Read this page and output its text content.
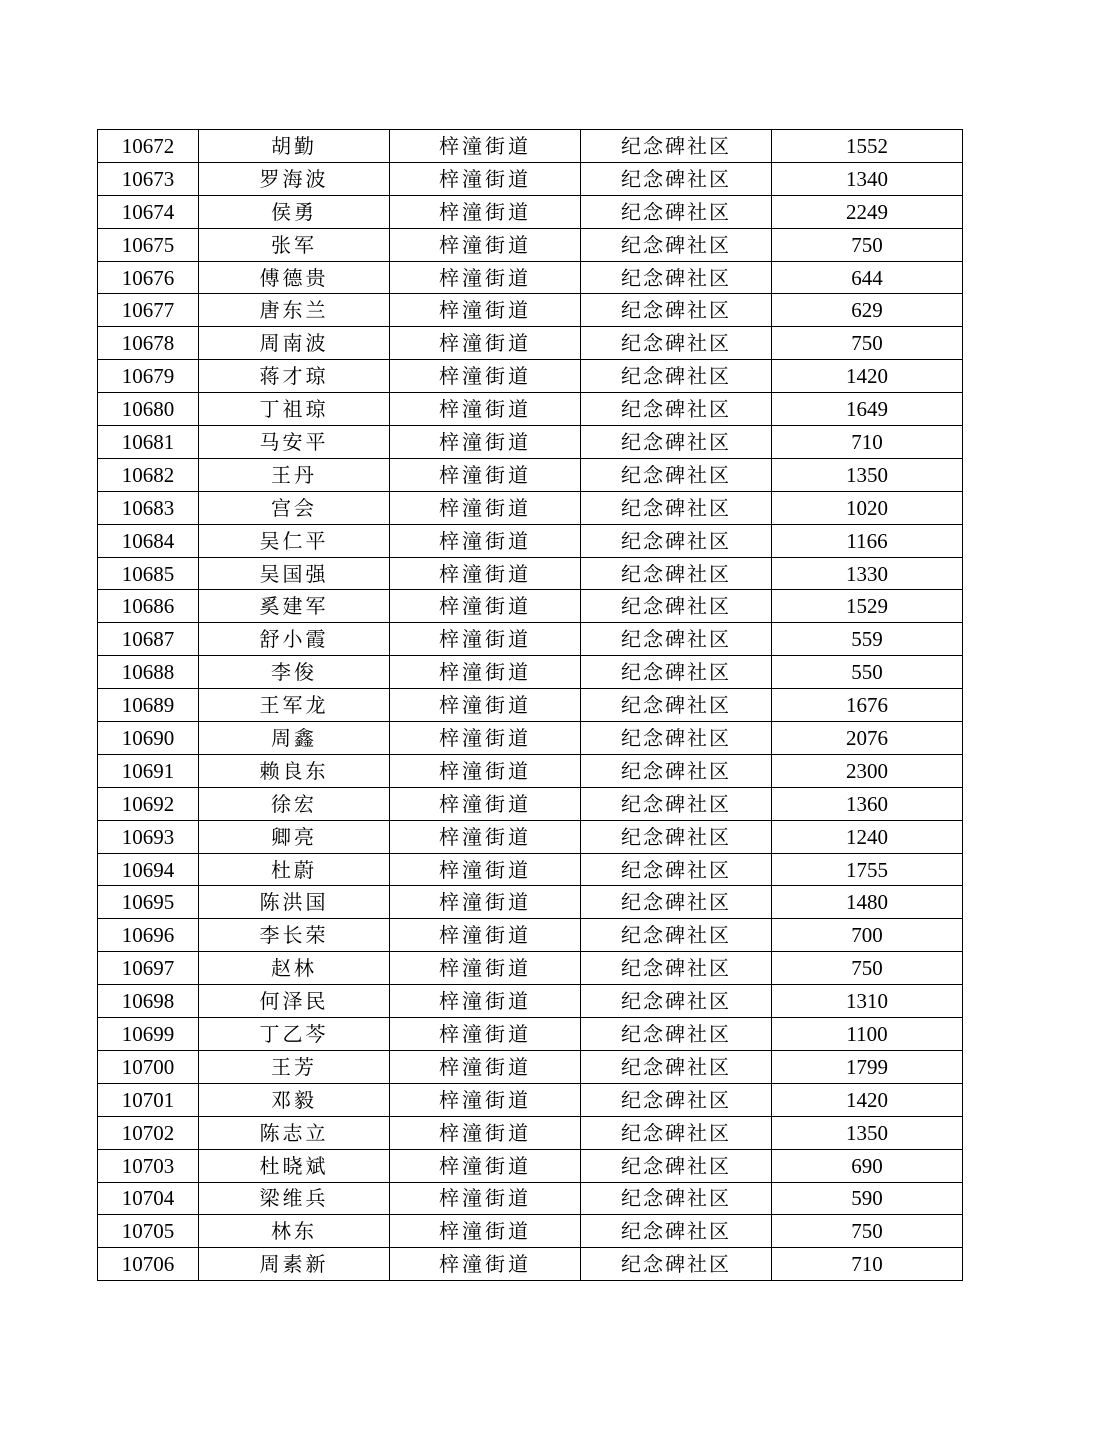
10672	胡勤	梓潼街道	纪念碑社区	1552
10673	罗海波	梓潼街道	纪念碑社区	1340
10674	侯勇	梓潼街道	纪念碑社区	2249
10675	张军	梓潼街道	纪念碑社区	750
10676	傅德贵	梓潼街道	纪念碑社区	644
10677	唐东兰	梓潼街道	纪念碑社区	629
10678	周南波	梓潼街道	纪念碑社区	750
10679	蒋才琼	梓潼街道	纪念碑社区	1420
10680	丁祖琼	梓潼街道	纪念碑社区	1649
10681	马安平	梓潼街道	纪念碑社区	710
10682	王丹	梓潼街道	纪念碑社区	1350
10683	宫会	梓潼街道	纪念碑社区	1020
10684	吴仁平	梓潼街道	纪念碑社区	1166
10685	吴国强	梓潼街道	纪念碑社区	1330
10686	奚建军	梓潼街道	纪念碑社区	1529
10687	舒小霞	梓潼街道	纪念碑社区	559
10688	李俊	梓潼街道	纪念碑社区	550
10689	王军龙	梓潼街道	纪念碑社区	1676
10690	周鑫	梓潼街道	纪念碑社区	2076
10691	赖良东	梓潼街道	纪念碑社区	2300
10692	徐宏	梓潼街道	纪念碑社区	1360
10693	卿亮	梓潼街道	纪念碑社区	1240
10694	杜蔚	梓潼街道	纪念碑社区	1755
10695	陈洪国	梓潼街道	纪念碑社区	1480
10696	李长荣	梓潼街道	纪念碑社区	700
10697	赵林	梓潼街道	纪念碑社区	750
10698	何泽民	梓潼街道	纪念碑社区	1310
10699	丁乙芩	梓潼街道	纪念碑社区	1100
10700	王芳	梓潼街道	纪念碑社区	1799
10701	邓毅	梓潼街道	纪念碑社区	1420
10702	陈志立	梓潼街道	纪念碑社区	1350
10703	杜晓斌	梓潼街道	纪念碑社区	690
10704	梁维兵	梓潼街道	纪念碑社区	590
10705	林东	梓潼街道	纪念碑社区	750
10706	周素新	梓潼街道	纪念碑社区	710
